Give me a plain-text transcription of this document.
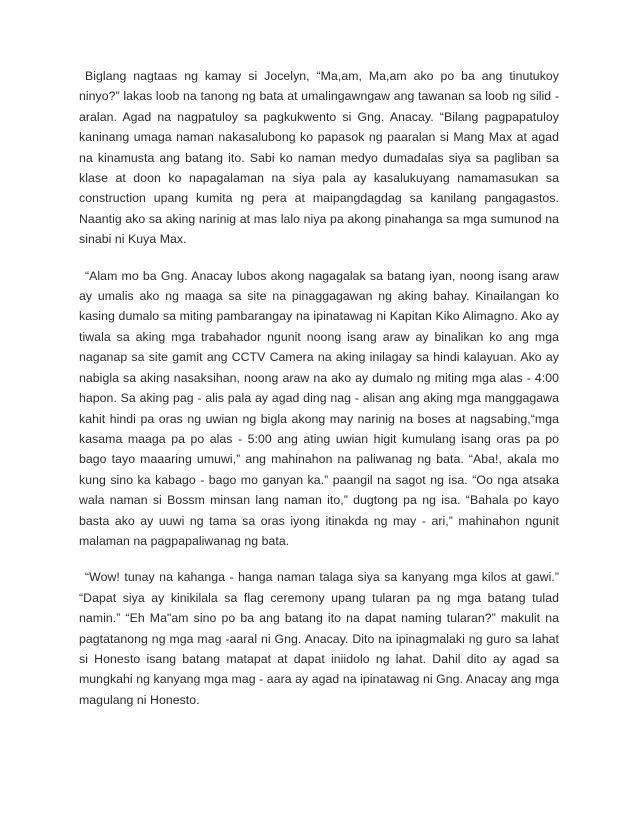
Biglang nagtaas ng kamay si Jocelyn, “Ma,am, Ma,am ako po ba ang tinutukoy ninyo?” lakas loob na tanong ng bata at umalingawngaw ang tawanan sa loob ng silid - aralan. Agad na nagpatuloy sa pagkukwento si Gng. Anacay. “Bilang pagpapatuloy kaninang umaga naman nakasalubong ko papasok ng paaralan si Mang Max at agad na kinamusta ang batang ito. Sabi ko naman medyo dumadalas siya sa pagliban sa klase at doon ko napagalaman na siya pala ay kasalukuyang namamasukan sa construction upang kumita ng pera at maipangdagdag sa kanilang pangagastos. Naantig ako sa aking narinig at mas lalo niya pa akong pinahanga sa mga sumunod na sinabi ni Kuya Max.

“Alam mo ba Gng. Anacay lubos akong nagagalak sa batang iyan, noong isang araw ay umalis ako ng maaga sa site na pinaggagawan ng aking bahay. Kinailangan ko kasing dumalo sa miting pambarangay na ipinatawag ni Kapitan Kiko Alimagno. Ako ay tiwala sa aking mga trabahador ngunit noong isang araw ay binalikan ko ang mga naganap sa site gamit ang CCTV Camera na aking inilagay sa hindi kalayuan. Ako ay nabigla sa aking nasaksihan, noong araw na ako ay dumalo ng miting mga alas - 4:00 hapon. Sa aking pag - alis pala ay agad ding nag - alisan ang aking mga manggagawa kahit hindi pa oras ng uwian ng bigla akong may narinig na boses at nagsabing,“mga kasama maaga pa po alas - 5:00 ang ating uwian higit kumulang isang oras pa po bago tayo maaaring umuwi,” ang mahinahon na paliwanag ng bata. “Aba!, akala mo kung sino ka kabago - bago mo ganyan ka.” paangil na sagot ng isa. “Oo nga atsaka wala naman si Bossm minsan lang naman ito,” dugtong pa ng isa. “Bahala po kayo basta ako ay uuwi ng tama sa oras iyong itinakda ng may - ari,” mahinahon ngunit malaman na pagpapaliwanag ng bata.

“Wow! tunay na kahanga - hanga naman talaga siya sa kanyang mga kilos at gawi.” “Dapat siya ay kinikilala sa flag ceremony upang tularan pa ng mga batang tulad namin.” “Eh Ma"am sino po ba ang batang ito na dapat naming tularan?” makulit na pagtatanong ng mga mag -aaral ni Gng. Anacay. Dito na ipinagmalaki ng guro sa lahat si Honesto isang batang matapat at dapat iniidolo ng lahat. Dahil dito ay agad sa mungkahi ng kanyang mga mag - aara ay agad na ipinatawag ni Gng. Anacay ang mga magulang ni Honesto.
